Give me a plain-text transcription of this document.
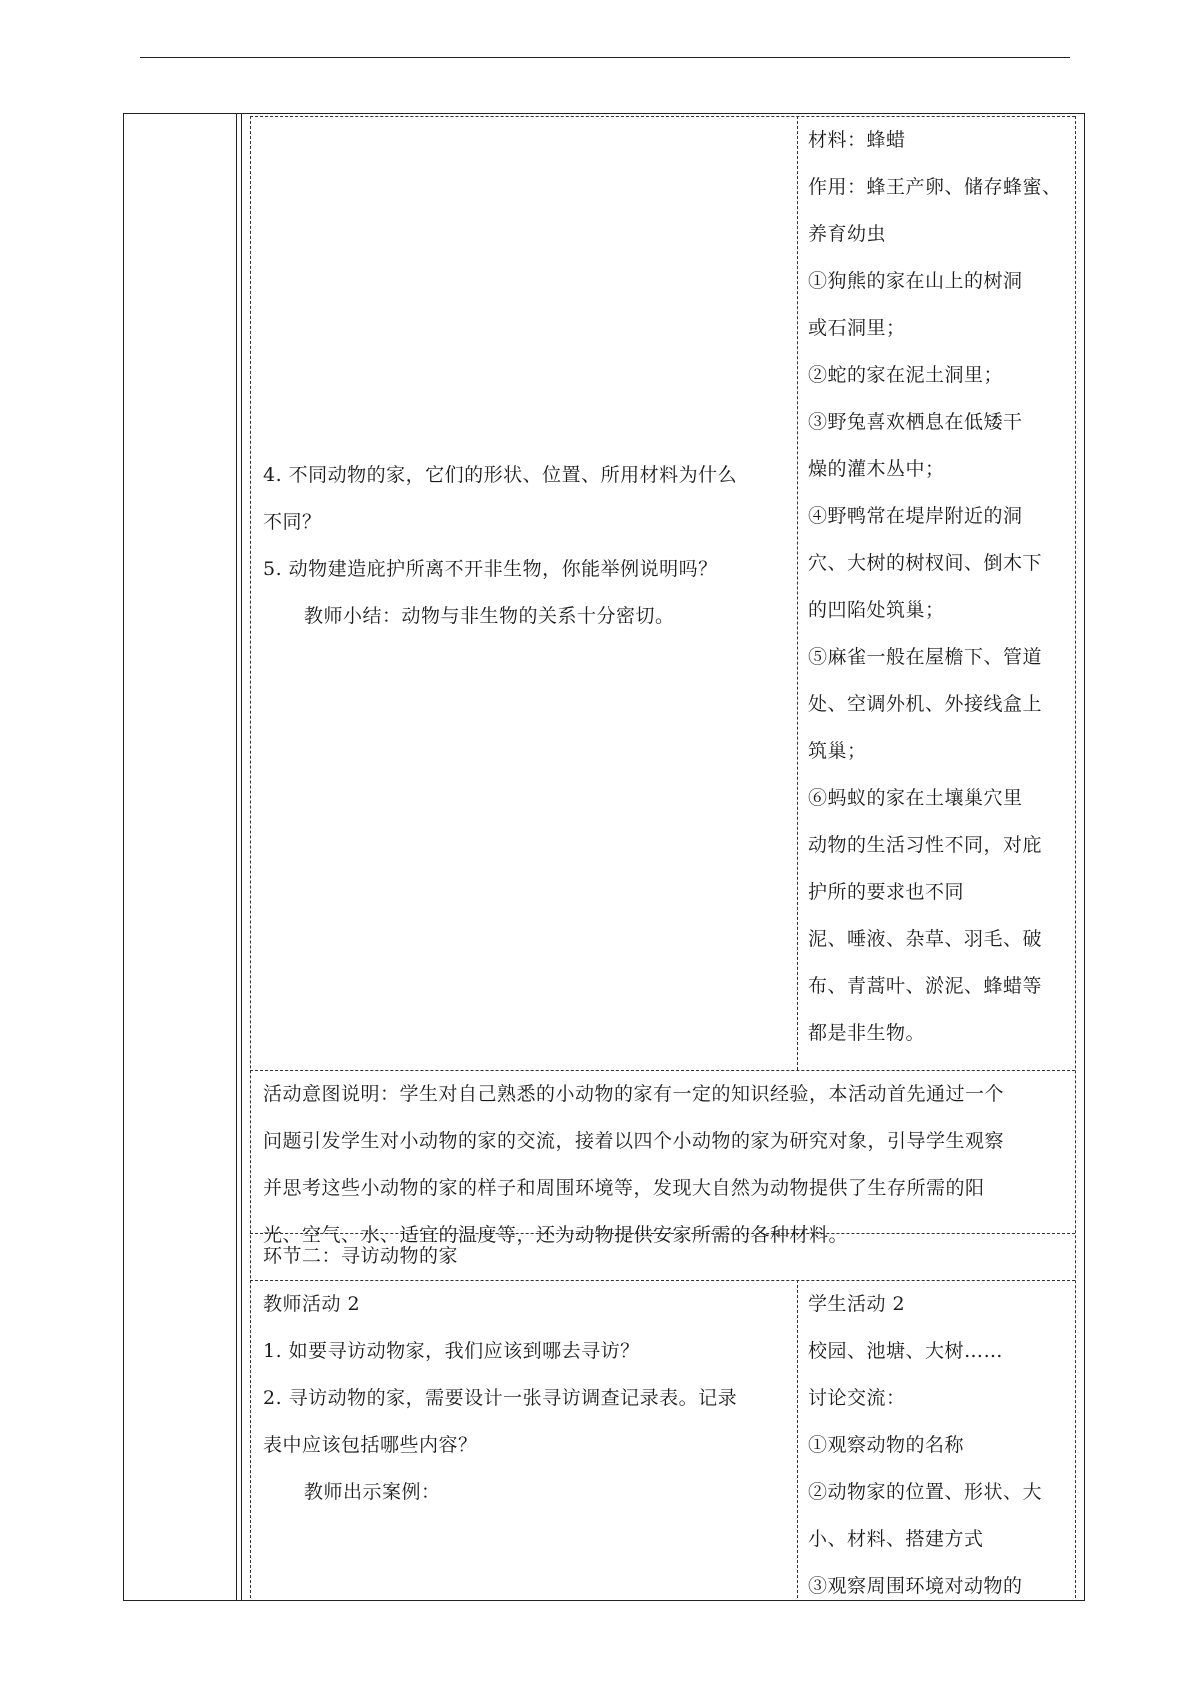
4. 不同动物的家，它们的形状、位置、所用材料为什么
不同？
5. 动物建造庇护所离不开非生物，你能举例说明吗？
教师小结：动物与非生物的关系十分密切。
材料：蜂蜡
作用：蜂王产卵、储存蜂蜜、
养育幼虫
①狗熊的家在山上的树洞
或石洞里；
②蛇的家在泥土洞里；
③野兔喜欢栖息在低矮干
燥的灌木丛中；
④野鸭常在堤岸附近的洞
穴、大树的树杈间、倒木下
的凹陷处筑巢；
⑤麻雀一般在屋檐下、管道
处、空调外机、外接线盒上
筑巢；
⑥蚂蚁的家在土壤巢穴里
动物的生活习性不同，对庇
护所的要求也不同
泥、唾液、杂草、羽毛、破
布、青蒿叶、淤泥、蜂蜡等
都是非生物。
活动意图说明：学生对自己熟悉的小动物的家有一定的知识经验，本活动首先通过一个
问题引发学生对小动物的家的交流，接着以四个小动物的家为研究对象，引导学生观察
并思考这些小动物的家的样子和周围环境等，发现大自然为动物提供了生存所需的阳
光、空气、水、适宜的温度等，还为动物提供安家所需的各种材料。
环节二：寻访动物的家
教师活动 2
1. 如要寻访动物家，我们应该到哪去寻访？
2. 寻访动物的家，需要设计一张寻访调查记录表。记录
表中应该包括哪些内容？
教师出示案例：
学生活动 2
校园、池塘、大树……
讨论交流：
①观察动物的名称
②动物家的位置、形状、大
小、材料、搭建方式
③观察周围环境对动物的
